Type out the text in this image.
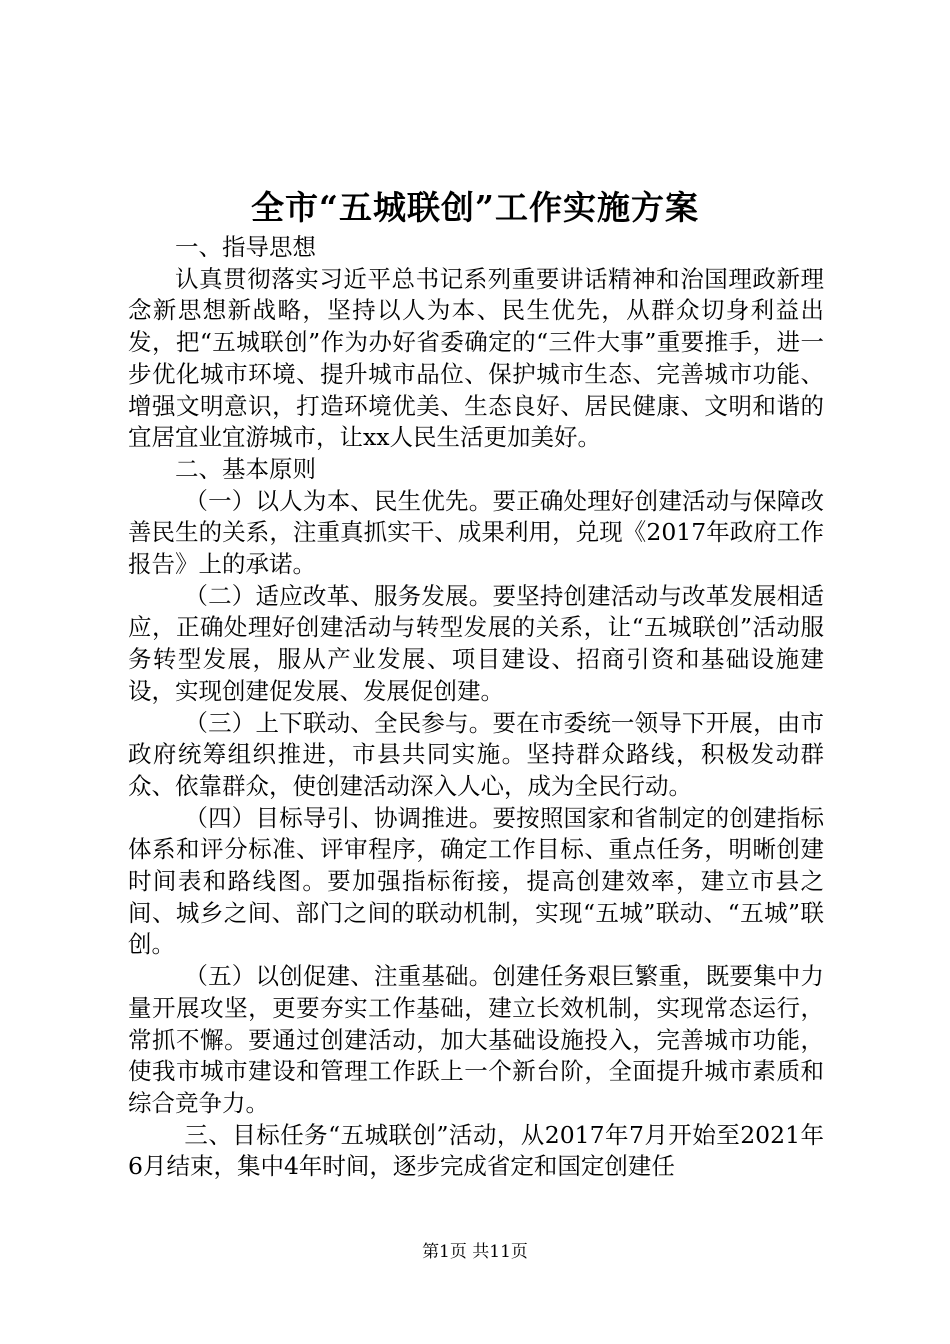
全市“五城联创”工作实施方案

一、指导思想

认真贯彻落实习近平总书记系列重要讲话精神和治国理政新理念新思想新战略，坚持以人为本、民生优先，从群众切身利益出发，把“五城联创”作为办好省委确定的“三件大事”重要推手，进一步优化城市环境、提升城市品位、保护城市生态、完善城市功能、增强文明意识，打造环境优美、生态良好、居民健康、文明和谐的宜居宜业宜游城市，让xx人民生活更加美好。

二、基本原则

（一）以人为本、民生优先。要正确处理好创建活动与保障改善民生的关系，注重真抓实干、成果利用，兑现《2017年政府工作报告》上的承诺。

（二）适应改革、服务发展。要坚持创建活动与改革发展相适应，正确处理好创建活动与转型发展的关系，让“五城联创”活动服务转型发展，服从产业发展、项目建设、招商引资和基础设施建设，实现创建促发展、发展促创建。

（三）上下联动、全民参与。要在市委统一领导下开展，由市政府统筹组织推进，市县共同实施。坚持群众路线，积极发动群众、依靠群众，使创建活动深入人心，成为全民行动。

（四）目标导引、协调推进。要按照国家和省制定的创建指标体系和评分标准、评审程序，确定工作目标、重点任务，明晰创建时间表和路线图。要加强指标衔接，提高创建效率，建立市县之间、城乡之间、部门之间的联动机制，实现“五城”联动、“五城”联创。

（五）以创促建、注重基础。创建任务艰巨繁重，既要集中力量开展攻坚，更要夯实工作基础，建立长效机制，实现常态运行，常抓不懈。要通过创建活动，加大基础设施投入，完善城市功能，使我市城市建设和管理工作跃上一个新台阶，全面提升城市素质和综合竞争力。

三、目标任务“五城联创”活动，从2017年7月开始至2021年6月结束，集中4年时间，逐步完成省定和国定创建任

第1页 共11页
